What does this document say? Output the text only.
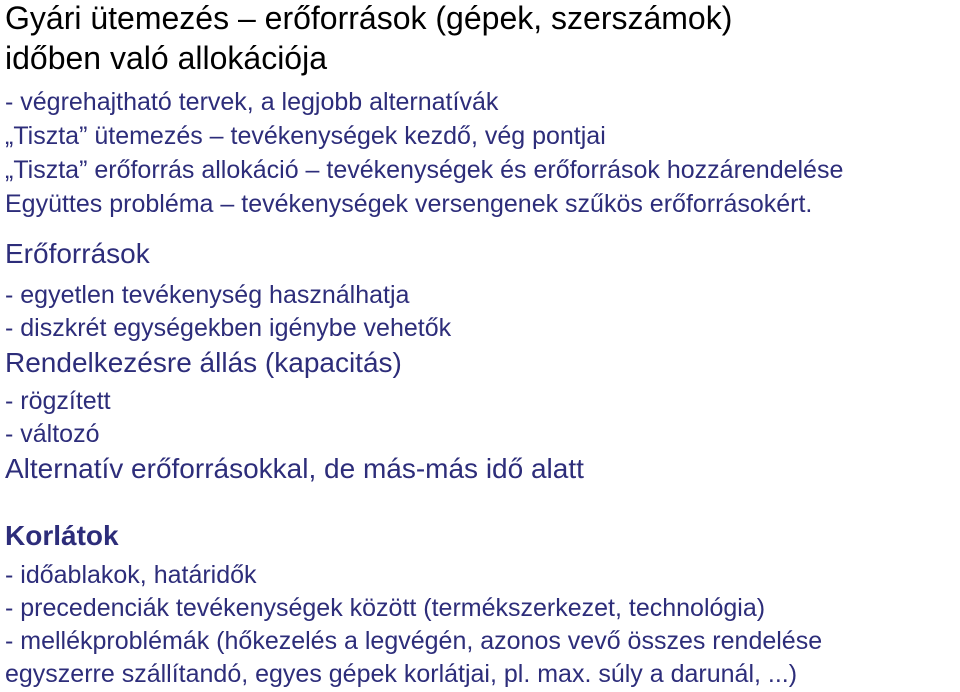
Gyári ütemezés – erőforrások (gépek, szerszámok)
időben való allokációja
- végrehajtható tervek, a legjobb alternatívák
„Tiszta” ütemezés – tevékenységek kezdő, vég pontjai
„Tiszta” erőforrás allokáció – tevékenységek és erőforrások hozzárendelése
Együttes probléma – tevékenységek versengenek szűkös erőforrásokért.
Erőforrások
- egyetlen tevékenység használhatja
- diszkrét egységekben igénybe vehetők
Rendelkezésre állás (kapacitás)
- rögzített
- változó
Alternatív erőforrásokkal, de más-más idő alatt
Korlátok
- időablakok, határidők
- precedenciák tevékenységek között (termékszerkezet, technológia)
- mellékproblémák (hőkezelés a legvégén, azonos vevő összes rendelése
egyszerre szállítandó, egyes gépek korlátjai, pl. max. súly a darunál, ...)
